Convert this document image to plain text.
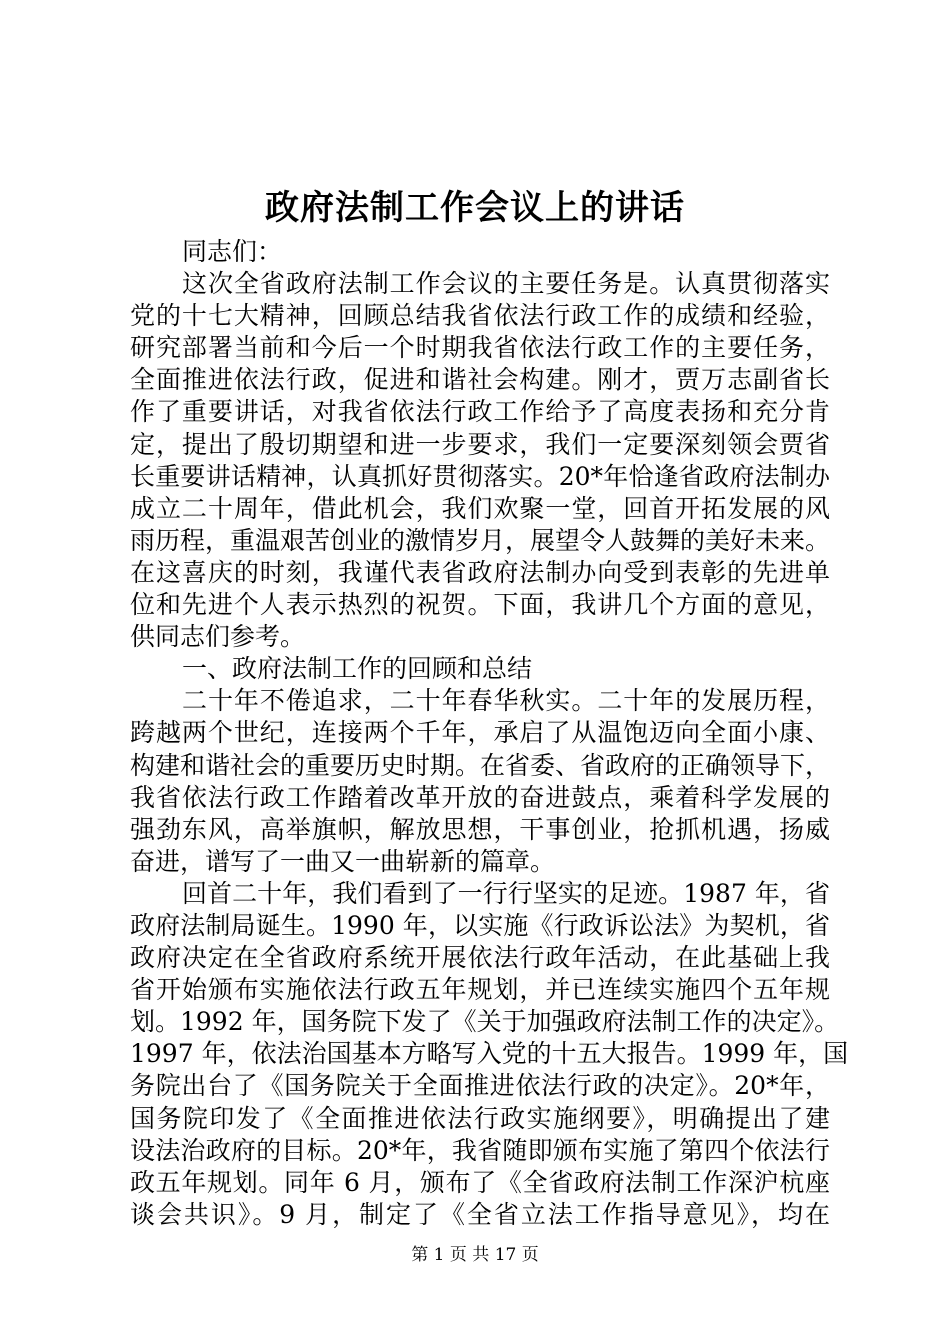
政府法制工作会议上的讲话
同志们：
这次全省政府法制工作会议的主要任务是。认真贯彻落实
党的十七大精神，回顾总结我省依法行政工作的成绩和经验，
研究部署当前和今后一个时期我省依法行政工作的主要任务，
全面推进依法行政，促进和谐社会构建。刚才，贾万志副省长
作了重要讲话，对我省依法行政工作给予了高度表扬和充分肯
定，提出了殷切期望和进一步要求，我们一定要深刻领会贾省
长重要讲话精神，认真抓好贯彻落实。20*年恰逢省政府法制办
成立二十周年，借此机会，我们欢聚一堂，回首开拓发展的风
雨历程，重温艰苦创业的激情岁月，展望令人鼓舞的美好未来。
在这喜庆的时刻，我谨代表省政府法制办向受到表彰的先进单
位和先进个人表示热烈的祝贺。下面，我讲几个方面的意见，
供同志们参考。
一、政府法制工作的回顾和总结
二十年不倦追求，二十年春华秋实。二十年的发展历程，
跨越两个世纪，连接两个千年，承启了从温饱迈向全面小康、
构建和谐社会的重要历史时期。在省委、省政府的正确领导下，
我省依法行政工作踏着改革开放的奋进鼓点，乘着科学发展的
强劲东风，高举旗帜，解放思想，干事创业，抢抓机遇，扬威
奋进，谱写了一曲又一曲崭新的篇章。
回首二十年，我们看到了一行行坚实的足迹。1987 年，省
政府法制局诞生。1990 年，以实施《行政诉讼法》为契机，省
政府决定在全省政府系统开展依法行政年活动，在此基础上我
省开始颁布实施依法行政五年规划，并已连续实施四个五年规
划。1992 年，国务院下发了《关于加强政府法制工作的决定》。
1997 年，依法治国基本方略写入党的十五大报告。1999 年，国
务院出台了《国务院关于全面推进依法行政的决定》。20*年，
国务院印发了《全面推进依法行政实施纲要》，明确提出了建
设法治政府的目标。20*年，我省随即颁布实施了第四个依法行
政五年规划。同年 6 月，颁布了《全省政府法制工作深沪杭座
谈会共识》。9 月，制定了《全省立法工作指导意见》，均在
第 1 页 共 17 页
